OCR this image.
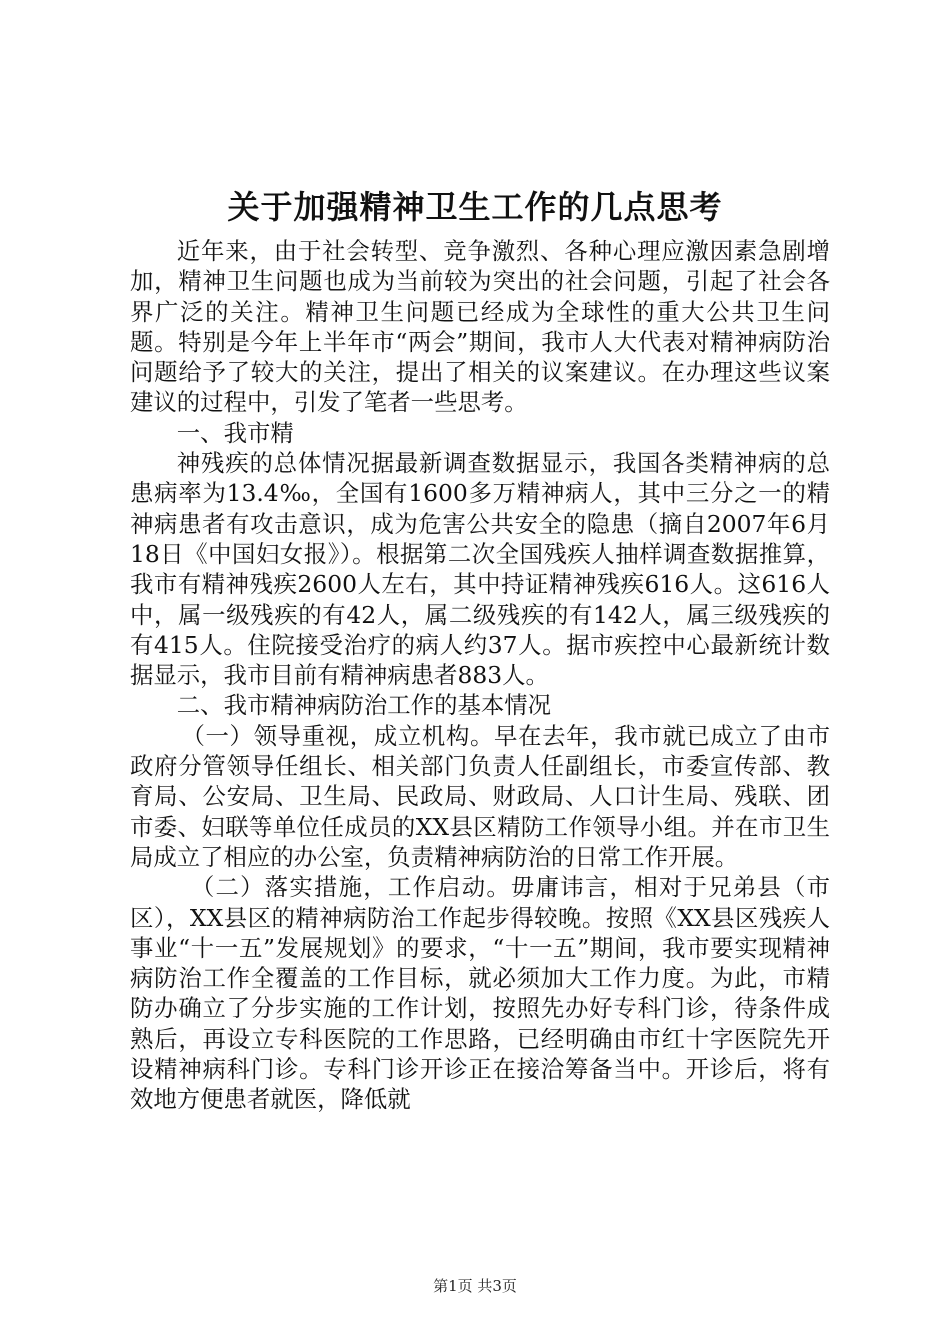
关于加强精神卫生工作的几点思考

近年来，由于社会转型、竞争激烈、各种心理应激因素急剧增加，精神卫生问题也成为当前较为突出的社会问题，引起了社会各界广泛的关注。精神卫生问题已经成为全球性的重大公共卫生问题。特别是今年上半年市“两会”期间，我市人大代表对精神病防治问题给予了较大的关注，提出了相关的议案建议。在办理这些议案建议的过程中，引发了笔者一些思考。

一、我市精

神残疾的总体情况据最新调查数据显示，我国各类精神病的总患病率为13.4‰，全国有1600多万精神病人，其中三分之一的精神病患者有攻击意识，成为危害公共安全的隐患（摘自2007年6月18日《中国妇女报》）。根据第二次全国残疾人抽样调查数据推算，我市有精神残疾2600人左右，其中持证精神残疾616人。这616人中，属一级残疾的有42人，属二级残疾的有142人，属三级残疾的有415人。住院接受治疗的病人约37人。据市疾控中心最新统计数据显示，我市目前有精神病患者883人。

二、我市精神病防治工作的基本情况

（一）领导重视，成立机构。早在去年，我市就已成立了由市政府分管领导任组长、相关部门负责人任副组长，市委宣传部、教育局、公安局、卫生局、民政局、财政局、人口计生局、残联、团市委、妇联等单位任成员的XX县区精防工作领导小组。并在市卫生局成立了相应的办公室，负责精神病防治的日常工作开展。

（二）落实措施，工作启动。毋庸讳言，相对于兄弟县（市区），XX县区的精神病防治工作起步得较晚。按照《XX县区残疾人事业“十一五”发展规划》的要求，“十一五”期间，我市要实现精神病防治工作全覆盖的工作目标，就必须加大工作力度。为此，市精防办确立了分步实施的工作计划，按照先办好专科门诊，待条件成熟后，再设立专科医院的工作思路，已经明确由市红十字医院先开设精神病科门诊。专科门诊开诊正在接洽筹备当中。开诊后，将有效地方便患者就医，降低就

第1页 共3页
